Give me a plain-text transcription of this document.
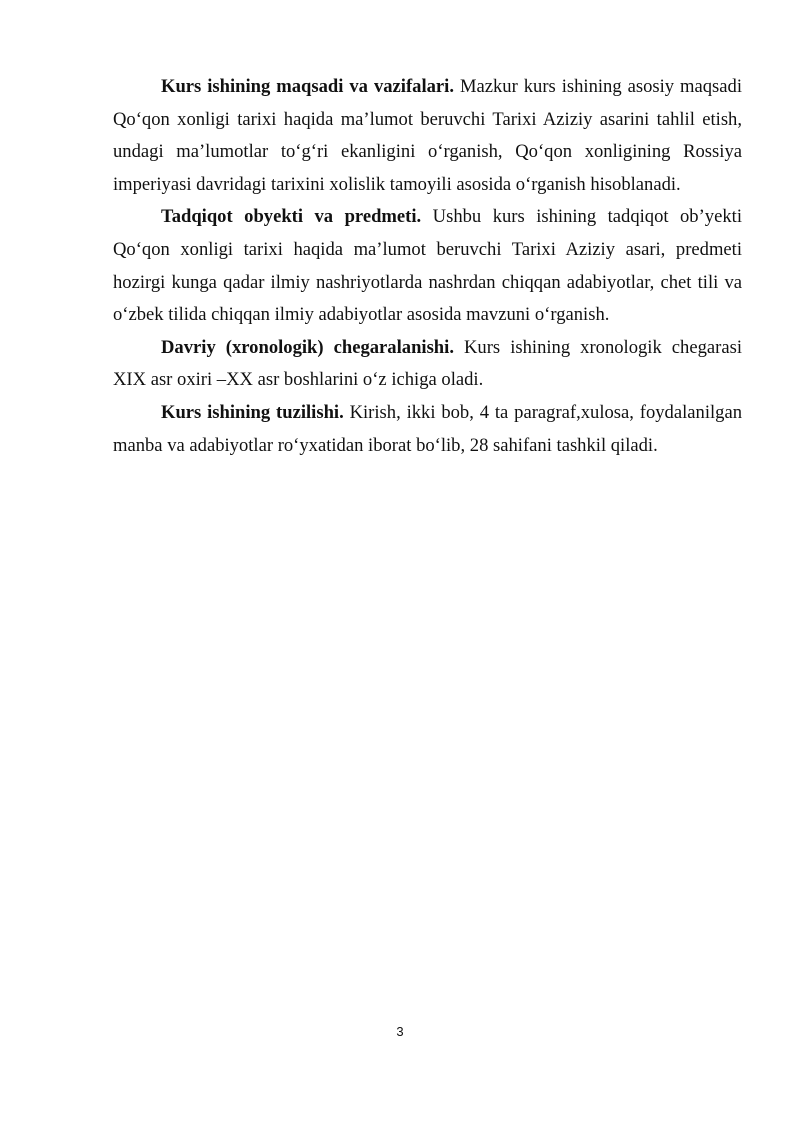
Kurs ishining maqsadi va vazifalari. Mazkur kurs ishining asosiy maqsadi Qo‘qon xonligi tarixi haqida ma’lumot beruvchi Tarixi Aziziy asarini tahlil etish, undagi ma’lumotlar to‘g‘ri ekanligini o‘rganish, Qo‘qon xonligining Rossiya imperiyasi davridagi tarixini xolislik tamoyili asosida o‘rganish hisoblanadi.

Tadqiqot obyekti va predmeti. Ushbu kurs ishining tadqiqot ob’yekti Qo‘qon xonligi tarixi haqida ma’lumot beruvchi Tarixi Aziziy asari, predmeti hozirgi kunga qadar ilmiy nashriyotlarda nashrdan chiqqan adabiyotlar, chet tili va o‘zbek tilida chiqqan ilmiy adabiyotlar asosida mavzuni o‘rganish.

Davriy (xronologik) chegaralanishi. Kurs ishining xronologik chegarasi XIX asr oxiri –XX asr boshlarini o‘z ichiga oladi.

Kurs ishining tuzilishi. Kirish, ikki bob, 4 ta paragraf,xulosa, foydalanilgan manba va adabiyotlar ro‘yxatidan iborat bo‘lib, 28 sahifani tashkil qiladi.

3
